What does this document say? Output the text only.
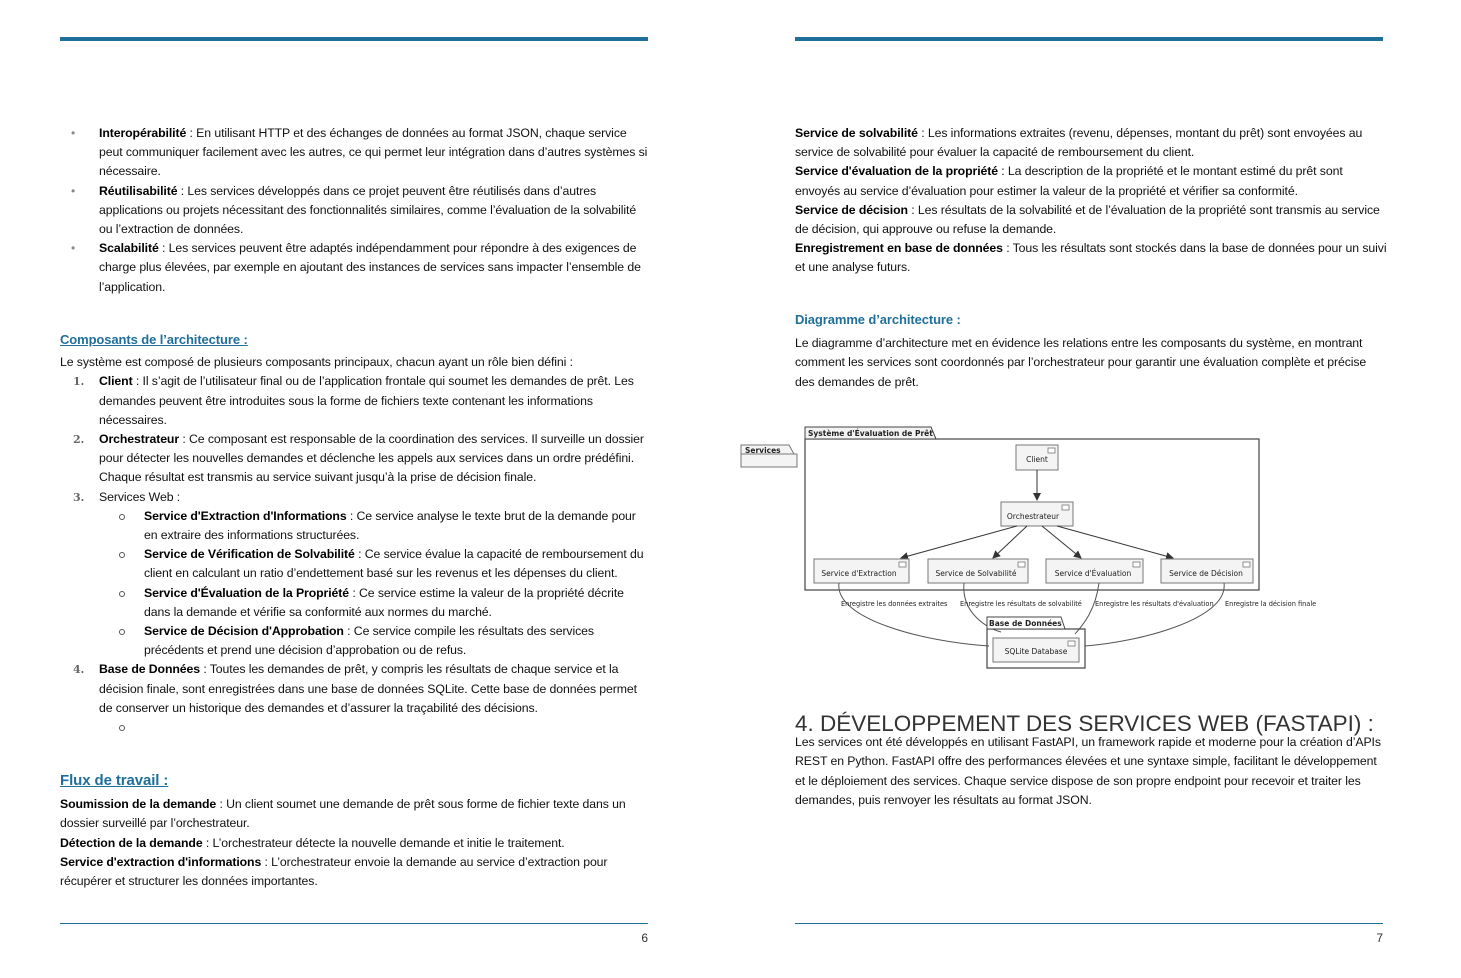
• Interopérabilité : En utilisant HTTP et des échanges de données au format JSON, chaque service peut communiquer facilement avec les autres, ce qui permet leur intégration dans d’autres systèmes si nécessaire.
• Réutilisabilité : Les services développés dans ce projet peuvent être réutilisés dans d’autres applications ou projets nécessitant des fonctionnalités similaires, comme l’évaluation de la solvabilité ou l’extraction de données.
• Scalabilité : Les services peuvent être adaptés indépendamment pour répondre à des exigences de charge plus élevées, par exemple en ajoutant des instances de services sans impacter l’ensemble de l’application.

Composants de l’architecture :

Le système est composé de plusieurs composants principaux, chacun ayant un rôle bien défini :

1. Client : Il s’agit de l’utilisateur final ou de l’application frontale qui soumet les demandes de prêt. Les demandes peuvent être introduites sous la forme de fichiers texte contenant les informations nécessaires.
2. Orchestrateur : Ce composant est responsable de la coordination des services. Il surveille un dossier pour détecter les nouvelles demandes et déclenche les appels aux services dans un ordre prédéfini. Chaque résultat est transmis au service suivant jusqu’à la prise de décision finale.
3. Services Web :
Service d'Extraction d'Informations : Ce service analyse le texte brut de la demande pour en extraire des informations structurées.
Service de Vérification de Solvabilité : Ce service évalue la capacité de remboursement du client en calculant un ratio d’endettement basé sur les revenus et les dépenses du client.
Service d'Évaluation de la Propriété : Ce service estime la valeur de la propriété décrite dans la demande et vérifie sa conformité aux normes du marché.
Service de Décision d'Approbation : Ce service compile les résultats des services précédents et prend une décision d’approbation ou de refus.
4. Base de Données : Toutes les demandes de prêt, y compris les résultats de chaque service et la décision finale, sont enregistrées dans une base de données SQLite. Cette base de données permet de conserver un historique des demandes et d’assurer la traçabilité des décisions.

Flux de travail :

Soumission de la demande : Un client soumet une demande de prêt sous forme de fichier texte dans un dossier surveillé par l’orchestrateur.

Détection de la demande : L’orchestrateur détecte la nouvelle demande et initie le traitement.

Service d'extraction d'informations : L’orchestrateur envoie la demande au service d’extraction pour récupérer et structurer les données importantes.

6

Service de solvabilité : Les informations extraites (revenu, dépenses, montant du prêt) sont envoyées au service de solvabilité pour évaluer la capacité de remboursement du client.

Service d'évaluation de la propriété : La description de la propriété et le montant estimé du prêt sont envoyés au service d’évaluation pour estimer la valeur de la propriété et vérifier sa conformité.

Service de décision : Les résultats de la solvabilité et de l’évaluation de la propriété sont transmis au service de décision, qui approuve ou refuse la demande.

Enregistrement en base de données : Tous les résultats sont stockés dans la base de données pour un suivi et une analyse futurs.

Diagramme d’architecture :

Le diagramme d’architecture met en évidence les relations entre les composants du système, en montrant comment les services sont coordonnés par l’orchestrateur pour garantir une évaluation complète et précise des demandes de prêt.

Services
Système d'Évaluation de Prêt
Client
Orchestrateur
Service d'Extraction	Service de Solvabilité	Service d'Évaluation	Service de Décision
Enregistre les données extraites Enregistre les résultats de solvabilité Enregistre les résultats d'évaluation Enregistre la décision finale
Base de Données
SQLite Database

4. DÉVELOPPEMENT DES SERVICES WEB (FASTAPI) :

Les services ont été développés en utilisant FastAPI, un framework rapide et moderne pour la création d’APIs REST en Python. FastAPI offre des performances élevées et une syntaxe simple, facilitant le développement et le déploiement des services. Chaque service dispose de son propre endpoint pour recevoir et traiter les demandes, puis renvoyer les résultats au format JSON.

7
